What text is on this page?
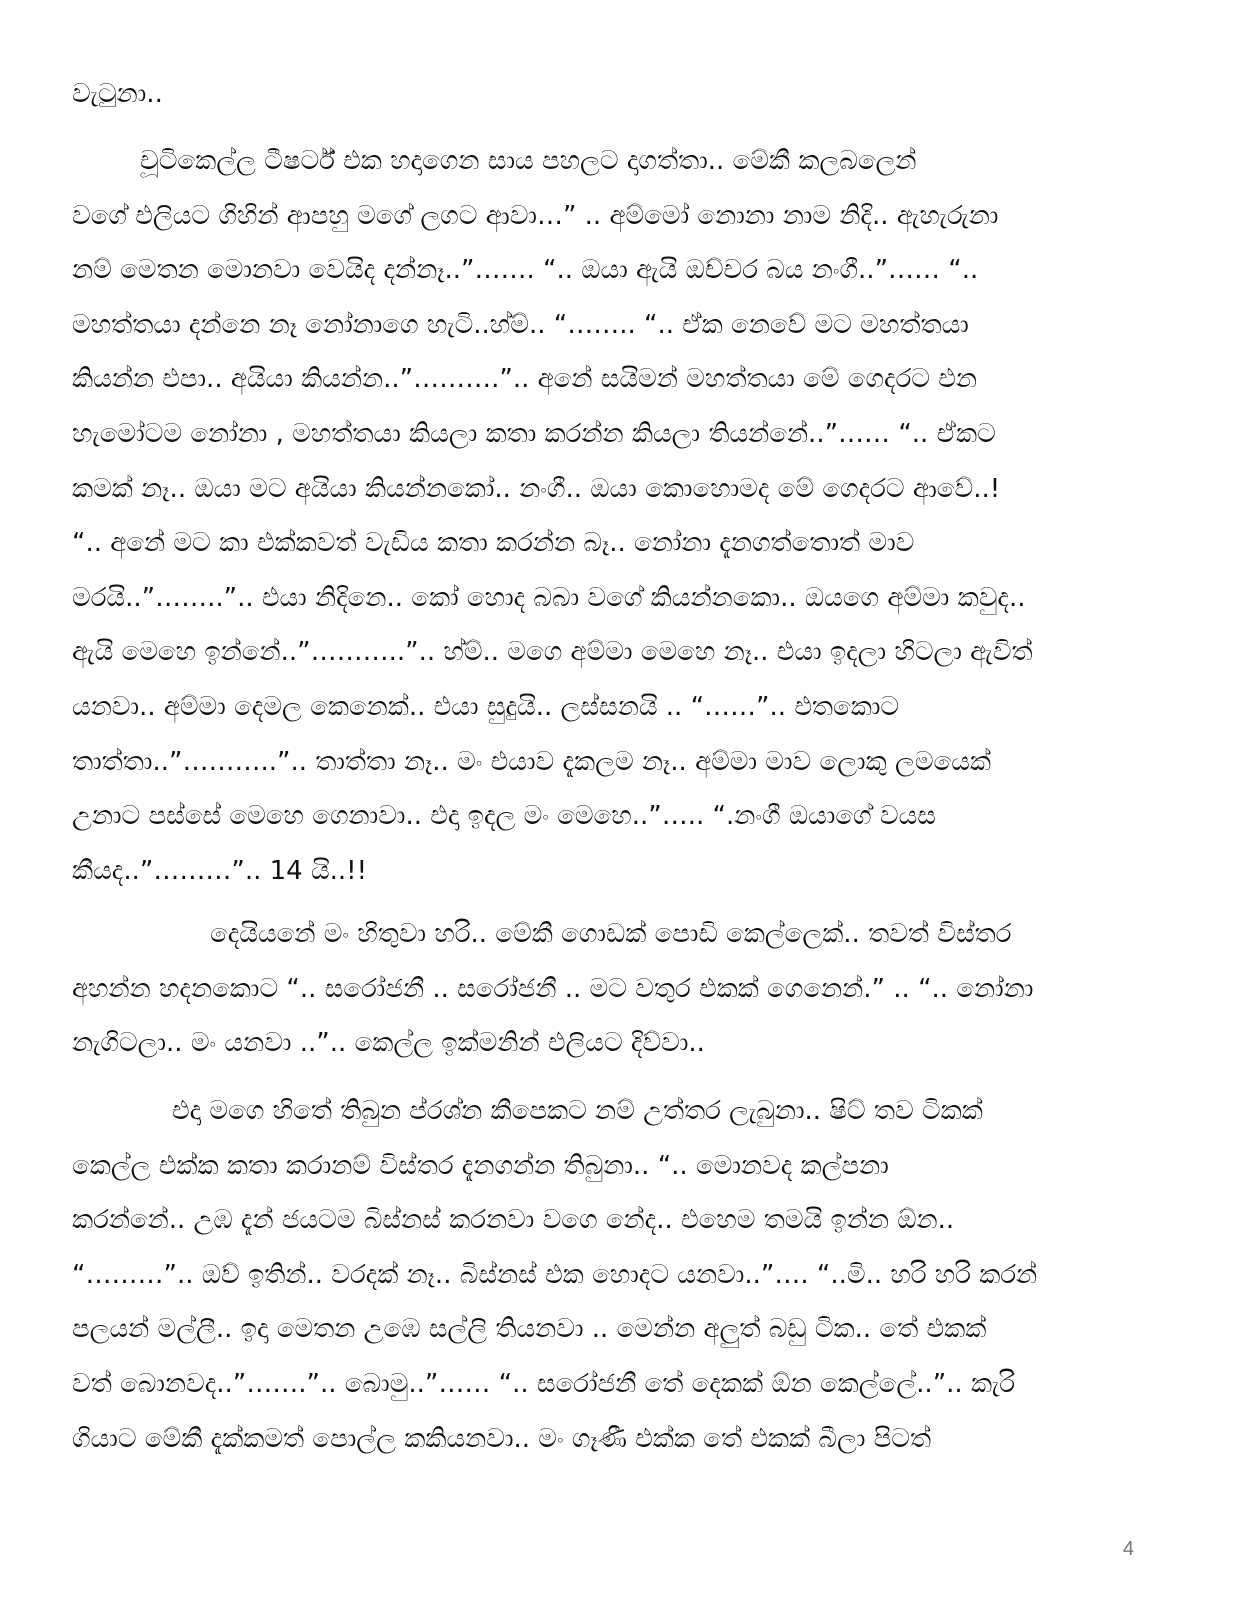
වැටුනා..
චූටිකෙල්ල ටීෂර්ට් එක හදාගෙන සාය පහලට දාගත්තා.. මේකී කලබලෙන්
වගේ එලියට ගිහින් ආපහු මගේ ලගට ආවා…” .. අම්මෝ නොනා නාම නිදි.. ඇහැරුනා
නම් මෙතන මොනවා වෙයිද දන්නෑ..”……. “.. ඔයා ඇයි ඔච්චර බය නංගී..”…… “..
මහත්තයා දන්නෙ නෑ නෝනාගෙ හැටි..හ්ම්.. “…….. “.. ඒක නෙවේ මට මහත්තයා
කියන්න එපා.. අයියා කියන්න..”……….”.. අනේ සයිමන් මහත්තයා මේ ගෙදරට එන
හැමෝටම නෝනා , මහත්තයා කියලා කතා කරන්න කියලා තියන්නේ..”…… “.. ඒකට
කමක් නෑ.. ඔයා මට අයියා කියන්නකෝ.. නංගී.. ඔයා කොහොමද මේ ගෙදරට ආවේ..!
“.. අනේ මට කා එක්කවත් වැඩිය කතා කරන්න බෑ.. නෝනා දැනගත්තොත් මාව
මරයි..”……..”.. එයා නිදිනෙ.. කෝ හොද බබා වගේ කියන්නකො.. ඔයගෙ අම්මා කවුද..
ඇයි මෙහෙ ඉන්නේ..”………..”.. හ්ම්.. මගෙ අම්මා මෙහෙ නෑ.. එයා ඉදලා හිටලා ඇවිත්
යනවා.. අම්මා දෙමල කෙනෙක්.. එයා සුදුයි.. ලස්සනයි .. “……”.. එතකොට
තාත්තා..”………..”.. තාත්තා නෑ.. මං එයාව දැකලම නෑ.. අම්මා මාව ලොකු ලමයෙක්
උනාට පස්සේ මෙහෙ ගෙනාවා.. එදා ඉදල මං මෙහෙ..”….. “.නංගී ඔයාගේ වයස
කීයද..”………”.. 14 යි..!!
දෙයියනේ මං හිතුවා හරි.. මේකී ගොඩක් පොඩි කෙල්ලෙක්.. තවත් විස්තර
අහන්න හදනකොට “.. සරෝජනී .. සරෝජනී .. මට වතුර එකක් ගෙනෙන්.” .. “.. නෝනා
නැගිටලා.. මං යනවා ..”.. කෙල්ල ඉක්මනින් එලියට දිව්වා..
එදා මගෙ හිතේ තිබුන ප්රශ්න කීපෙකට නම් උත්තර ලැබුනා.. ෂිට් තව ටිකක්
කෙල්ල එක්ක කතා කරානම් විස්තර දැනගන්න තිබුනා.. “.. මොනවද කල්පනා
කරන්නේ.. උඹ දැන් ජයටම බිස්නස් කරනවා වගෙ නේද.. එහෙම තමයි ඉන්න ඕන..
“………”.. ඔව් ඉතින්.. වරදක් නෑ.. බිස්නස් එක හොදට යනවා..”…. “..මි.. හරි හරි කරන්
පලයන් මල්ලී.. ඉදා මෙතන උඹෙ සල්ලි තියනවා .. මෙන්න අලුත් බඩු ටික.. තේ එකක්
වත් බොනවද..”…….”.. බොමු..”…… “.. සරෝජනී තේ දෙකක් ඕන කෙල්ලේ..”.. කැරි
ගියාට මේකී දැක්කමත් පොල්ල කකියනවා.. මං ගෑණී එක්ක තේ එකක් බීලා පිටත්
4
